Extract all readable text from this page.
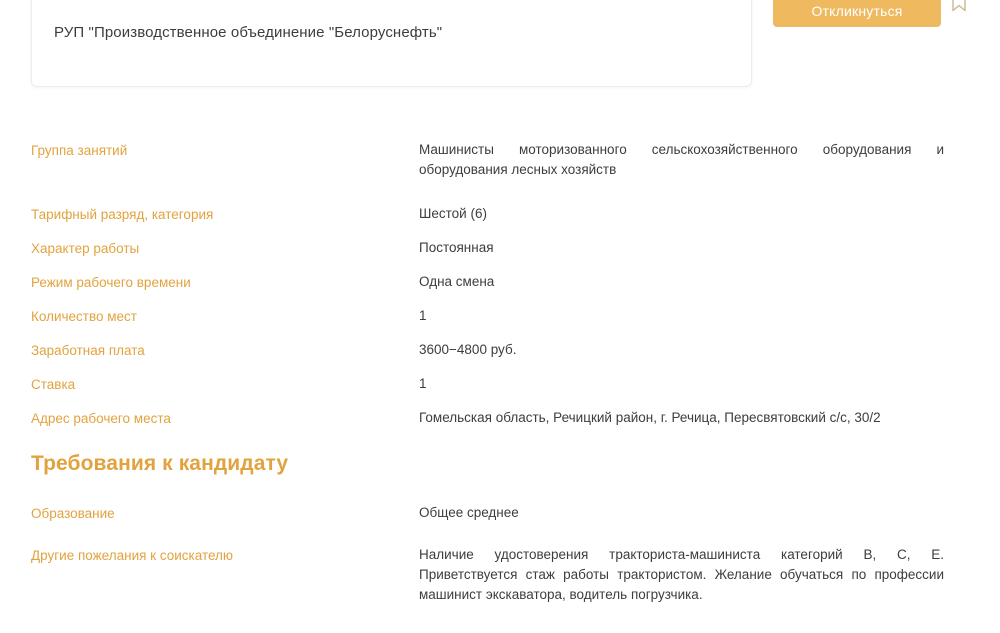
РУП "Производственное объединение "Белоруснефть"
Откликнуться
Группа занятий	Машинисты моторизованного сельскохозяйственного оборудования и оборудования лесных хозяйств
Тарифный разряд, категория	Шестой (6)
Характер работы	Постоянная
Режим рабочего времени	Одна смена
Количество мест	1
Заработная плата	3600−4800 руб.
Ставка	1
Адрес рабочего места	Гомельская область, Речицкий район, г. Речица, Пересвятовский с/с, 30/2
Требования к кандидату
Образование	Общее среднее
Другие пожелания к соискателю	Наличие удостоверения тракториста-машиниста категорий B, C, E. Приветствуется стаж работы трактористом. Желание обучаться по профессии машинист экскаватора, водитель погрузчика.
